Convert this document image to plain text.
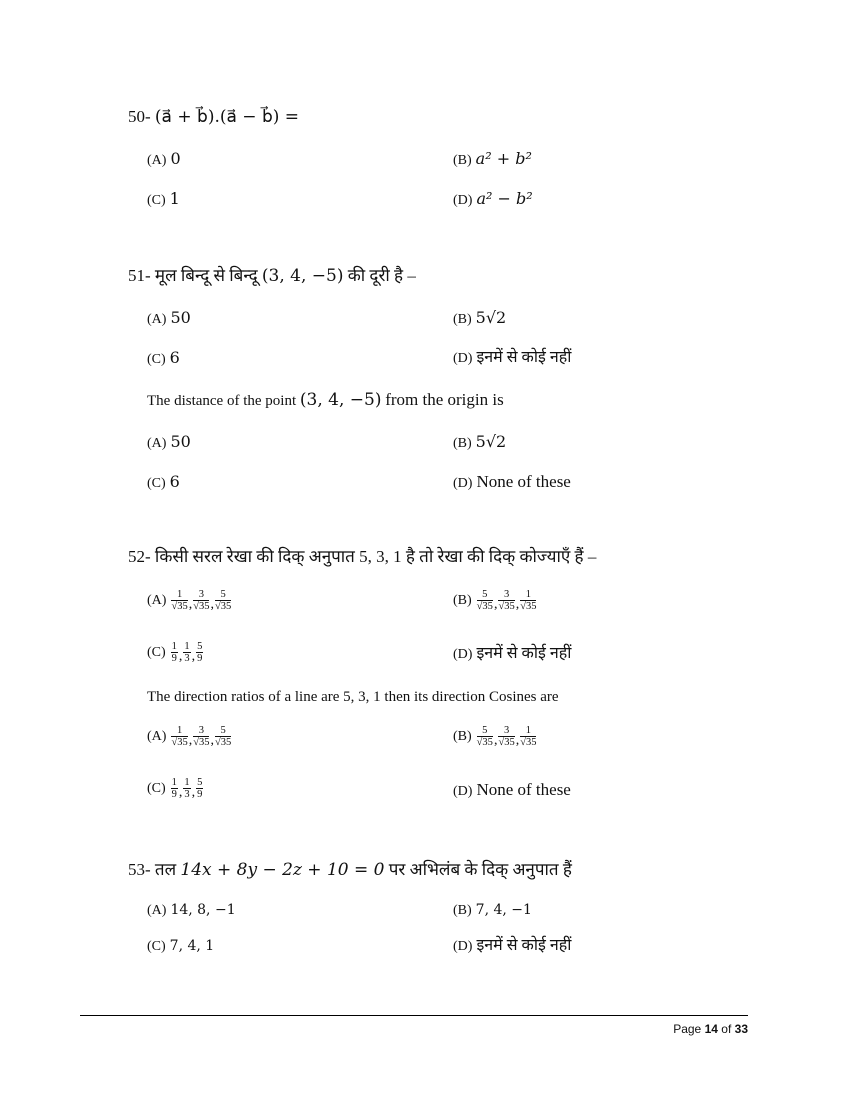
50- (a⃗ + b⃗).(a⃗ − b⃗) =
(A) 0	(B) a² + b²
(C) 1	(D) a² − b²
51- मूल बिन्दू से बिन्दू (3, 4, −5) की दूरी है –
(A) 50	(B) 5√2
(C) 6	(D) इनमें से कोई नहीं
The distance of the point (3, 4, −5) from the origin is
(A) 50	(B) 5√2
(C) 6	(D) None of these
52- किसी सरल रेखा की दिक् अनुपात 5, 3, 1 है तो रेखा की दिक् कोज्याएँ हैं –
$(A) \frac{1}{√35}$ , $\frac{3}{√35}$ , $\frac{5}{√35}$	$(B) \frac{5}{√35}$ , $\frac{3}{√35}$ , $\frac{1}{√35}$
$(C) \frac{1}{9}$ , $\frac{1}{3}$ , $\frac{5}{9}$	(D) इनमें से कोई नहीं
The direction ratios of a line are 5, 3, 1 then its direction Cosines are
$(A) \frac{1}{√35}$ , $\frac{3}{√35}$ , $\frac{5}{√35}$	$(B) \frac{5}{√35}$ , $\frac{3}{√35}$ , $\frac{1}{√35}$
$(C) \frac{1}{9}$ , $\frac{1}{3}$ , $\frac{5}{9}$	(D) None of these
53- तल 14x + 8y − 2z + 10 = 0 पर अभिलंब के दिक् अनुपात हैं
(A) 14, 8, −1	(B) 7, 4, −1
(C) 7, 4, 1	(D) इनमें से कोई नहीं
Page 14 of 33
